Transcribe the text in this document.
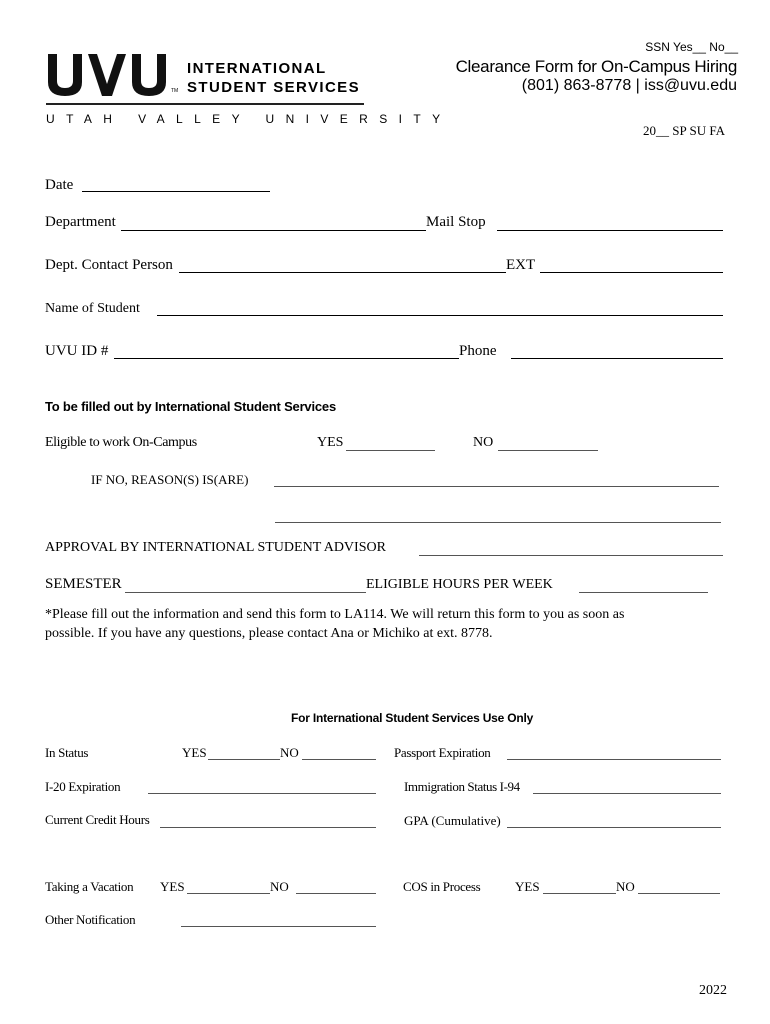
TM
INTERNATIONAL
STUDENT SERVICES
UTAH VALLEY UNIVERSITY
SSN Yes__ No__
Clearance Form for On-Campus Hiring
(801) 863-8778 | iss@uvu.edu
20__ SP SU FA
Date
Department	Mail Stop
Dept. Contact Person	EXT
Name of Student
UVU ID #	Phone
To be filled out by International Student Services
Eligible to work On-Campus	YES	NO
IF NO, REASON(S) IS(ARE)
APPROVAL BY INTERNATIONAL STUDENT ADVISOR
SEMESTER	ELIGIBLE HOURS PER WEEK
*Please fill out the information and send this form to LA114. We will return this form to you as soon as
possible. If you have any questions, please contact Ana or Michiko at ext. 8778.
For International Student Services Use Only
In Status	YES	NO	Passport Expiration
I-20 Expiration	Immigration Status I-94
Current Credit Hours	GPA (Cumulative)
Taking a Vacation YES	NO	COS in Process	YES	NO
Other Notification
2022
